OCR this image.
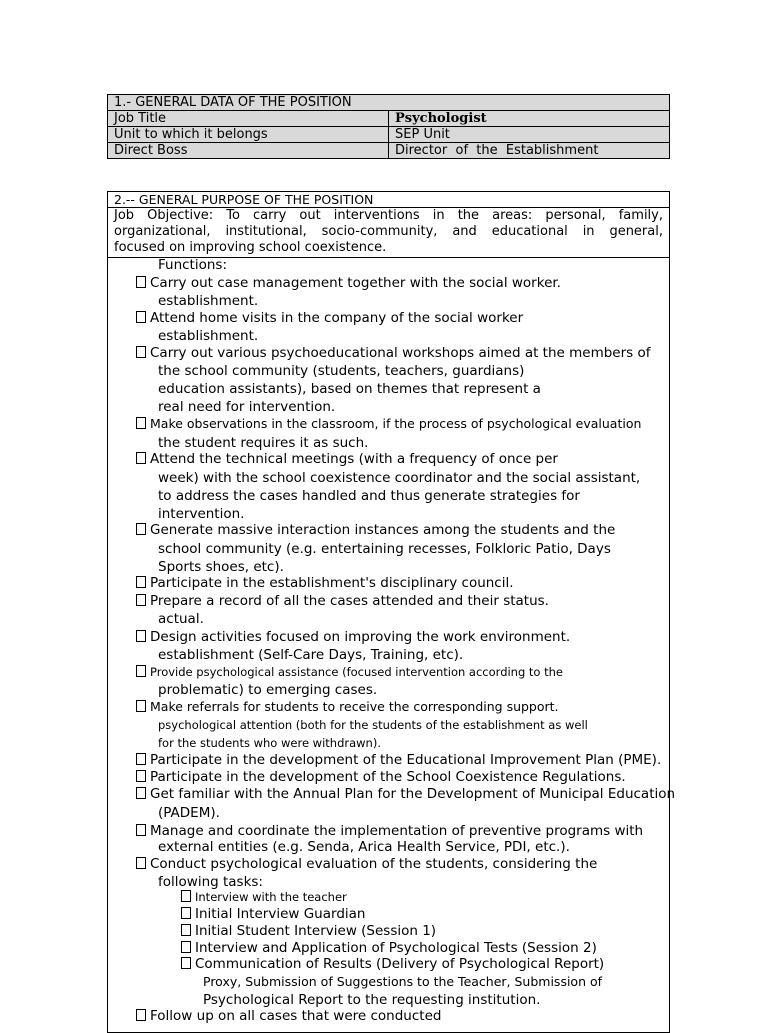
1.- GENERAL DATA OF THE POSITION	
Job Title	Psychologist
Unit to which it belongs	SEP Unit
Direct Boss	Director  of  the  Establishment
2.-- GENERAL PURPOSE OF THE POSITION
Job Objective: To carry out interventions in the areas: personal, family,
organizational, institutional, socio-community, and educational in general,
focused on improving school coexistence.
Functions:
Carry out case management together with the social worker.
establishment.
Attend home visits in the company of the social worker
establishment.
Carry out various psychoeducational workshops aimed at the members of
the school community (students, teachers, guardians)
education assistants), based on themes that represent a
real need for intervention.
Make observations in the classroom, if the process of psychological evaluation
the student requires it as such.
Attend the technical meetings (with a frequency of once per
week) with the school coexistence coordinator and the social assistant,
to address the cases handled and thus generate strategies for
intervention.
Generate massive interaction instances among the students and the
school community (e.g. entertaining recesses, Folkloric Patio, Days
Sports shoes, etc).
Participate in the establishment's disciplinary council.
Prepare a record of all the cases attended and their status.
actual.
Design activities focused on improving the work environment.
establishment (Self-Care Days, Training, etc).
Provide psychological assistance (focused intervention according to the
problematic) to emerging cases.
Make referrals for students to receive the corresponding support.
psychological attention (both for the students of the establishment as well
for the students who were withdrawn).
Participate in the development of the Educational Improvement Plan (PME).
Participate in the development of the School Coexistence Regulations.
Get familiar with the Annual Plan for the Development of Municipal Education
(PADEM).
Manage and coordinate the implementation of preventive programs with
external entities (e.g. Senda, Arica Health Service, PDI, etc.).
Conduct psychological evaluation of the students, considering the
following tasks:
Interview with the teacher
Initial Interview Guardian
Initial Student Interview (Session 1)
Interview and Application of Psychological Tests (Session 2)
Communication of Results (Delivery of Psychological Report)
Proxy, Submission of Suggestions to the Teacher, Submission of
Psychological Report to the requesting institution.
Follow up on all cases that were conducted
